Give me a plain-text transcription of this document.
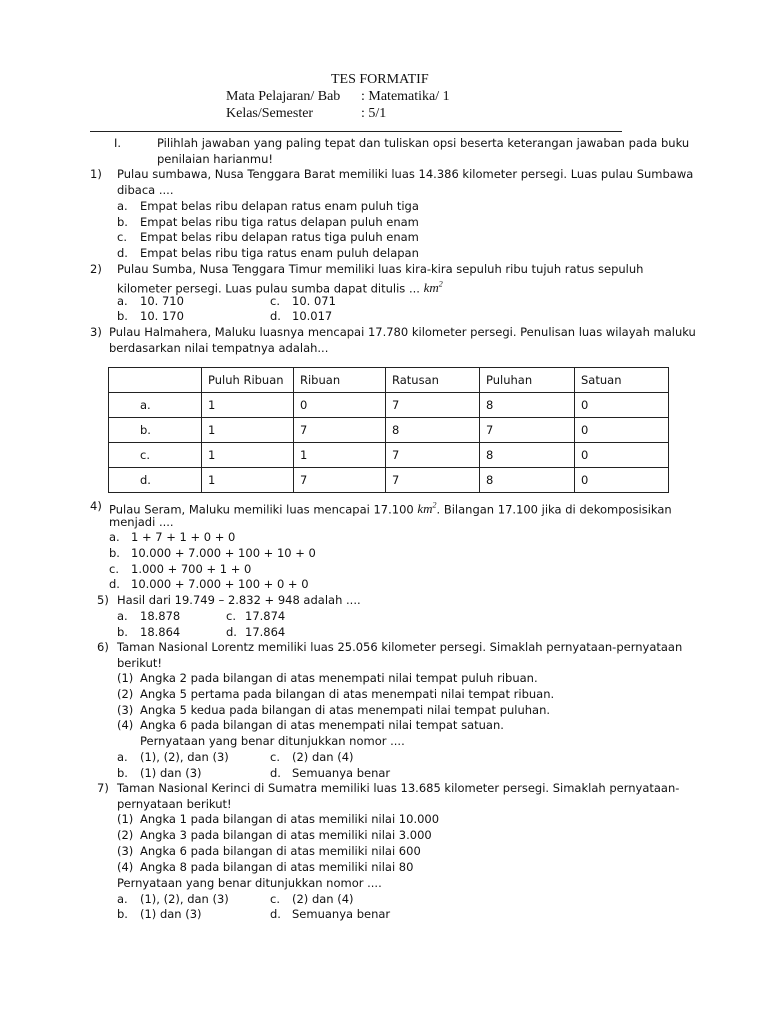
TES FORMATIF
Mata Pelajaran/ Bab : Matematika/ 1
Kelas/Semester	: 5/1
I.	Pilihlah jawaban yang paling tepat dan tuliskan opsi beserta keterangan jawaban pada buku
penilaian harianmu!
1) Pulau sumbawa, Nusa Tenggara Barat memiliki luas 14.386 kilometer persegi. Luas pulau Sumbawa
dibaca ....
a. Empat belas ribu delapan ratus enam puluh tiga
b. Empat belas ribu tiga ratus delapan puluh enam
c. Empat belas ribu delapan ratus tiga puluh enam
d. Empat belas ribu tiga ratus enam puluh delapan
2) Pulau Sumba, Nusa Tenggara Timur memiliki luas kira-kira sepuluh ribu tujuh ratus sepuluh
kilometer persegi. Luas pulau sumba dapat ditulis ... $km^2$
a. 10. 710	c. 10. 071
b. 10. 170	d. 10.017
3) Pulau Halmahera, Maluku luasnya mencapai 17.780 kilometer persegi. Penulisan luas wilayah maluku
berdasarkan nilai tempatnya adalah...
	Puluh Ribuan	Ribuan	Ratusan	Puluhan	Satuan
a.	1	0	7	8	0
b.	1	7	8	7	0
c.	1	1	7	8	0
d.	1	7	7	8	0
4) Pulau Seram, Maluku memiliki luas mencapai 17.100 $km^2$. Bilangan 17.100 jika di dekomposisikan
menjadi ....
a. 1 + 7 + 1 + 0 + 0
b. 10.000 + 7.000 + 100 + 10 + 0
c. 1.000 + 700 + 1 + 0
d. 10.000 + 7.000 + 100 + 0 + 0
5) Hasil dari 19.749 – 2.832 + 948 adalah ....
a. 18.878	c. 17.874
b. 18.864	d. 17.864
6) Taman Nasional Lorentz memiliki luas 25.056 kilometer persegi. Simaklah pernyataan-pernyataan
berikut!
(1) Angka 2 pada bilangan di atas menempati nilai tempat puluh ribuan.
(2) Angka 5 pertama pada bilangan di atas menempati nilai tempat ribuan.
(3) Angka 5 kedua pada bilangan di atas menempati nilai tempat puluhan.
(4) Angka 6 pada bilangan di atas menempati nilai tempat satuan.
Pernyataan yang benar ditunjukkan nomor ....
a. (1), (2), dan (3)	c. (2) dan (4)
b. (1) dan (3)	d. Semuanya benar
7) Taman Nasional Kerinci di Sumatra memiliki luas 13.685 kilometer persegi. Simaklah pernyataan-
pernyataan berikut!
(1) Angka 1 pada bilangan di atas memiliki nilai 10.000
(2) Angka 3 pada bilangan di atas memiliki nilai 3.000
(3) Angka 6 pada bilangan di atas memiliki nilai 600
(4) Angka 8 pada bilangan di atas memiliki nilai 80
Pernyataan yang benar ditunjukkan nomor ....
a. (1), (2), dan (3)	c. (2) dan (4)
b. (1) dan (3)	d. Semuanya benar
